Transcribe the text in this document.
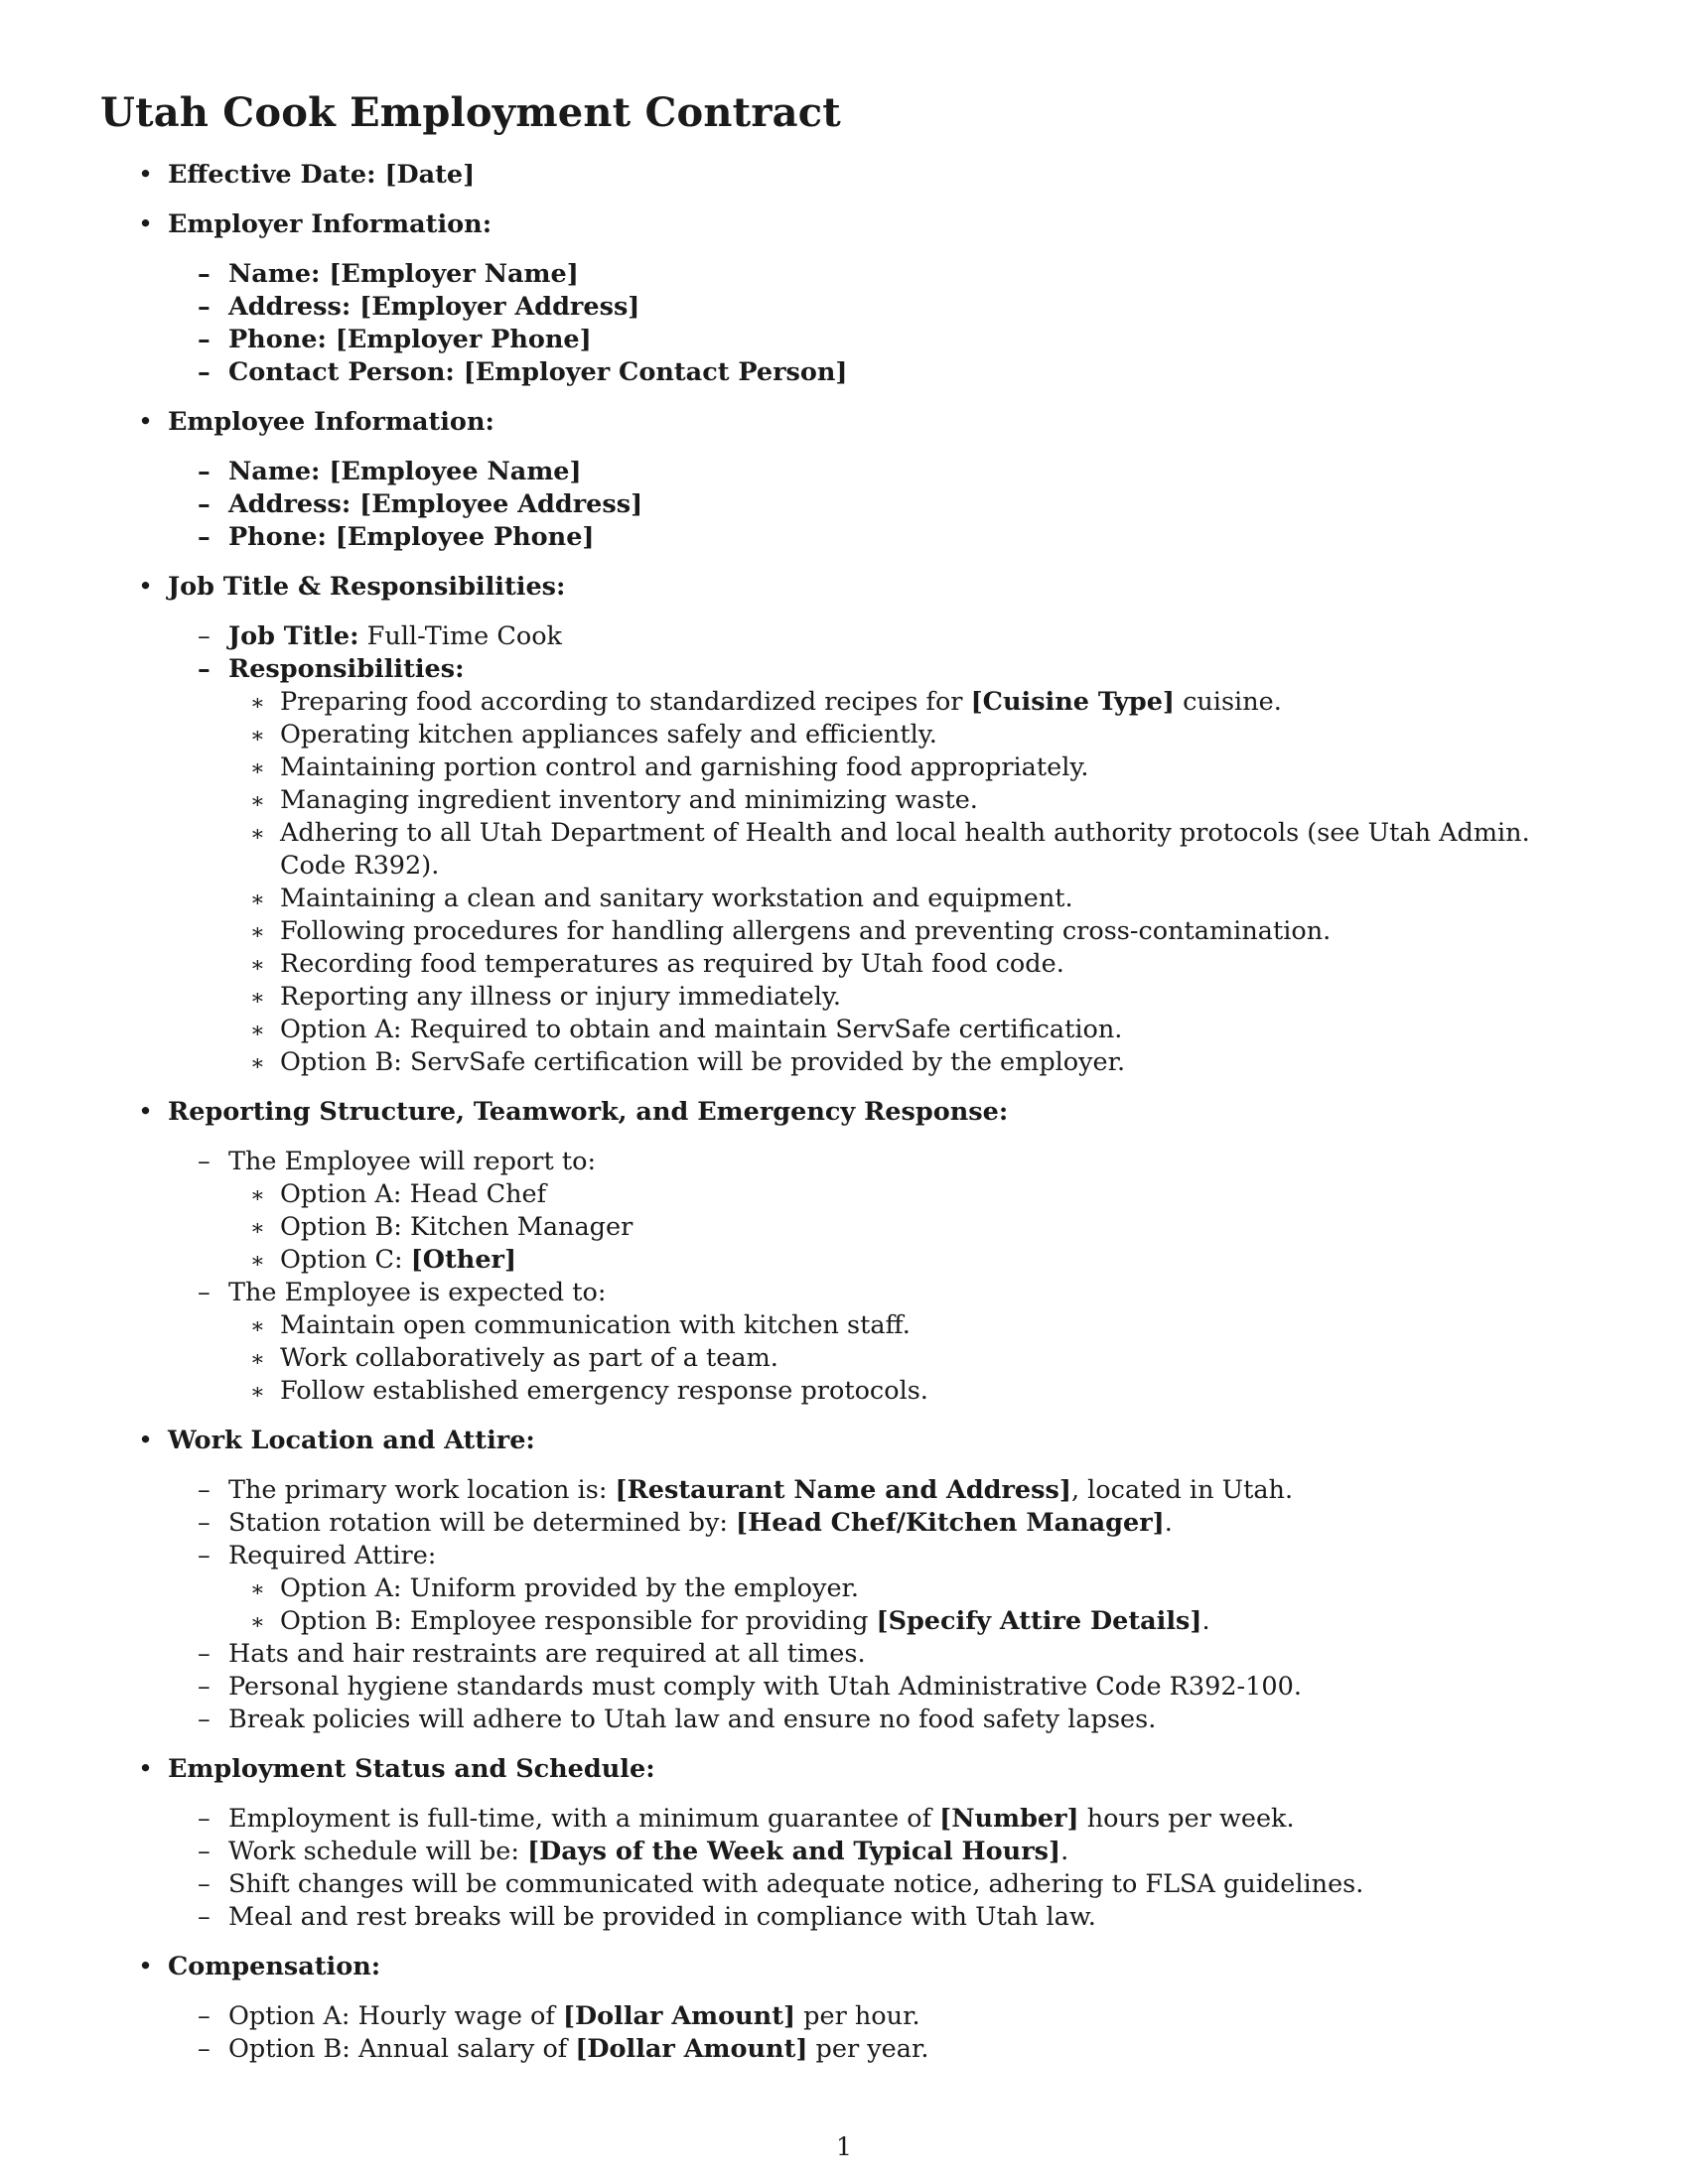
Utah Cook Employment Contract
• Effective Date: [Date]
• Employer Information:
– Name: [Employer Name]
– Address: [Employer Address]
– Phone: [Employer Phone]
– Contact Person: [Employer Contact Person]
• Employee Information:
– Name: [Employee Name]
– Address: [Employee Address]
– Phone: [Employee Phone]
• Job Title & Responsibilities:
– Job Title: Full-Time Cook
– Responsibilities:
∗ Preparing food according to standardized recipes for [Cuisine Type] cuisine.
∗ Operating kitchen appliances safely and efficiently.
∗ Maintaining portion control and garnishing food appropriately.
∗ Managing ingredient inventory and minimizing waste.
∗ Adhering to all Utah Department of Health and local health authority protocols (see Utah Admin. Code R392).
∗ Maintaining a clean and sanitary workstation and equipment.
∗ Following procedures for handling allergens and preventing cross-contamination.
∗ Recording food temperatures as required by Utah food code.
∗ Reporting any illness or injury immediately.
∗ Option A: Required to obtain and maintain ServSafe certification.
∗ Option B: ServSafe certification will be provided by the employer.
• Reporting Structure, Teamwork, and Emergency Response:
– The Employee will report to:
∗ Option A: Head Chef
∗ Option B: Kitchen Manager
∗ Option C: [Other]
– The Employee is expected to:
∗ Maintain open communication with kitchen staff.
∗ Work collaboratively as part of a team.
∗ Follow established emergency response protocols.
• Work Location and Attire:
– The primary work location is: [Restaurant Name and Address], located in Utah.
– Station rotation will be determined by: [Head Chef/Kitchen Manager].
– Required Attire:
∗ Option A: Uniform provided by the employer.
∗ Option B: Employee responsible for providing [Specify Attire Details].
– Hats and hair restraints are required at all times.
– Personal hygiene standards must comply with Utah Administrative Code R392-100.
– Break policies will adhere to Utah law and ensure no food safety lapses.
• Employment Status and Schedule:
– Employment is full-time, with a minimum guarantee of [Number] hours per week.
– Work schedule will be: [Days of the Week and Typical Hours].
– Shift changes will be communicated with adequate notice, adhering to FLSA guidelines.
– Meal and rest breaks will be provided in compliance with Utah law.
• Compensation:
– Option A: Hourly wage of [Dollar Amount] per hour.
– Option B: Annual salary of [Dollar Amount] per year.
1
